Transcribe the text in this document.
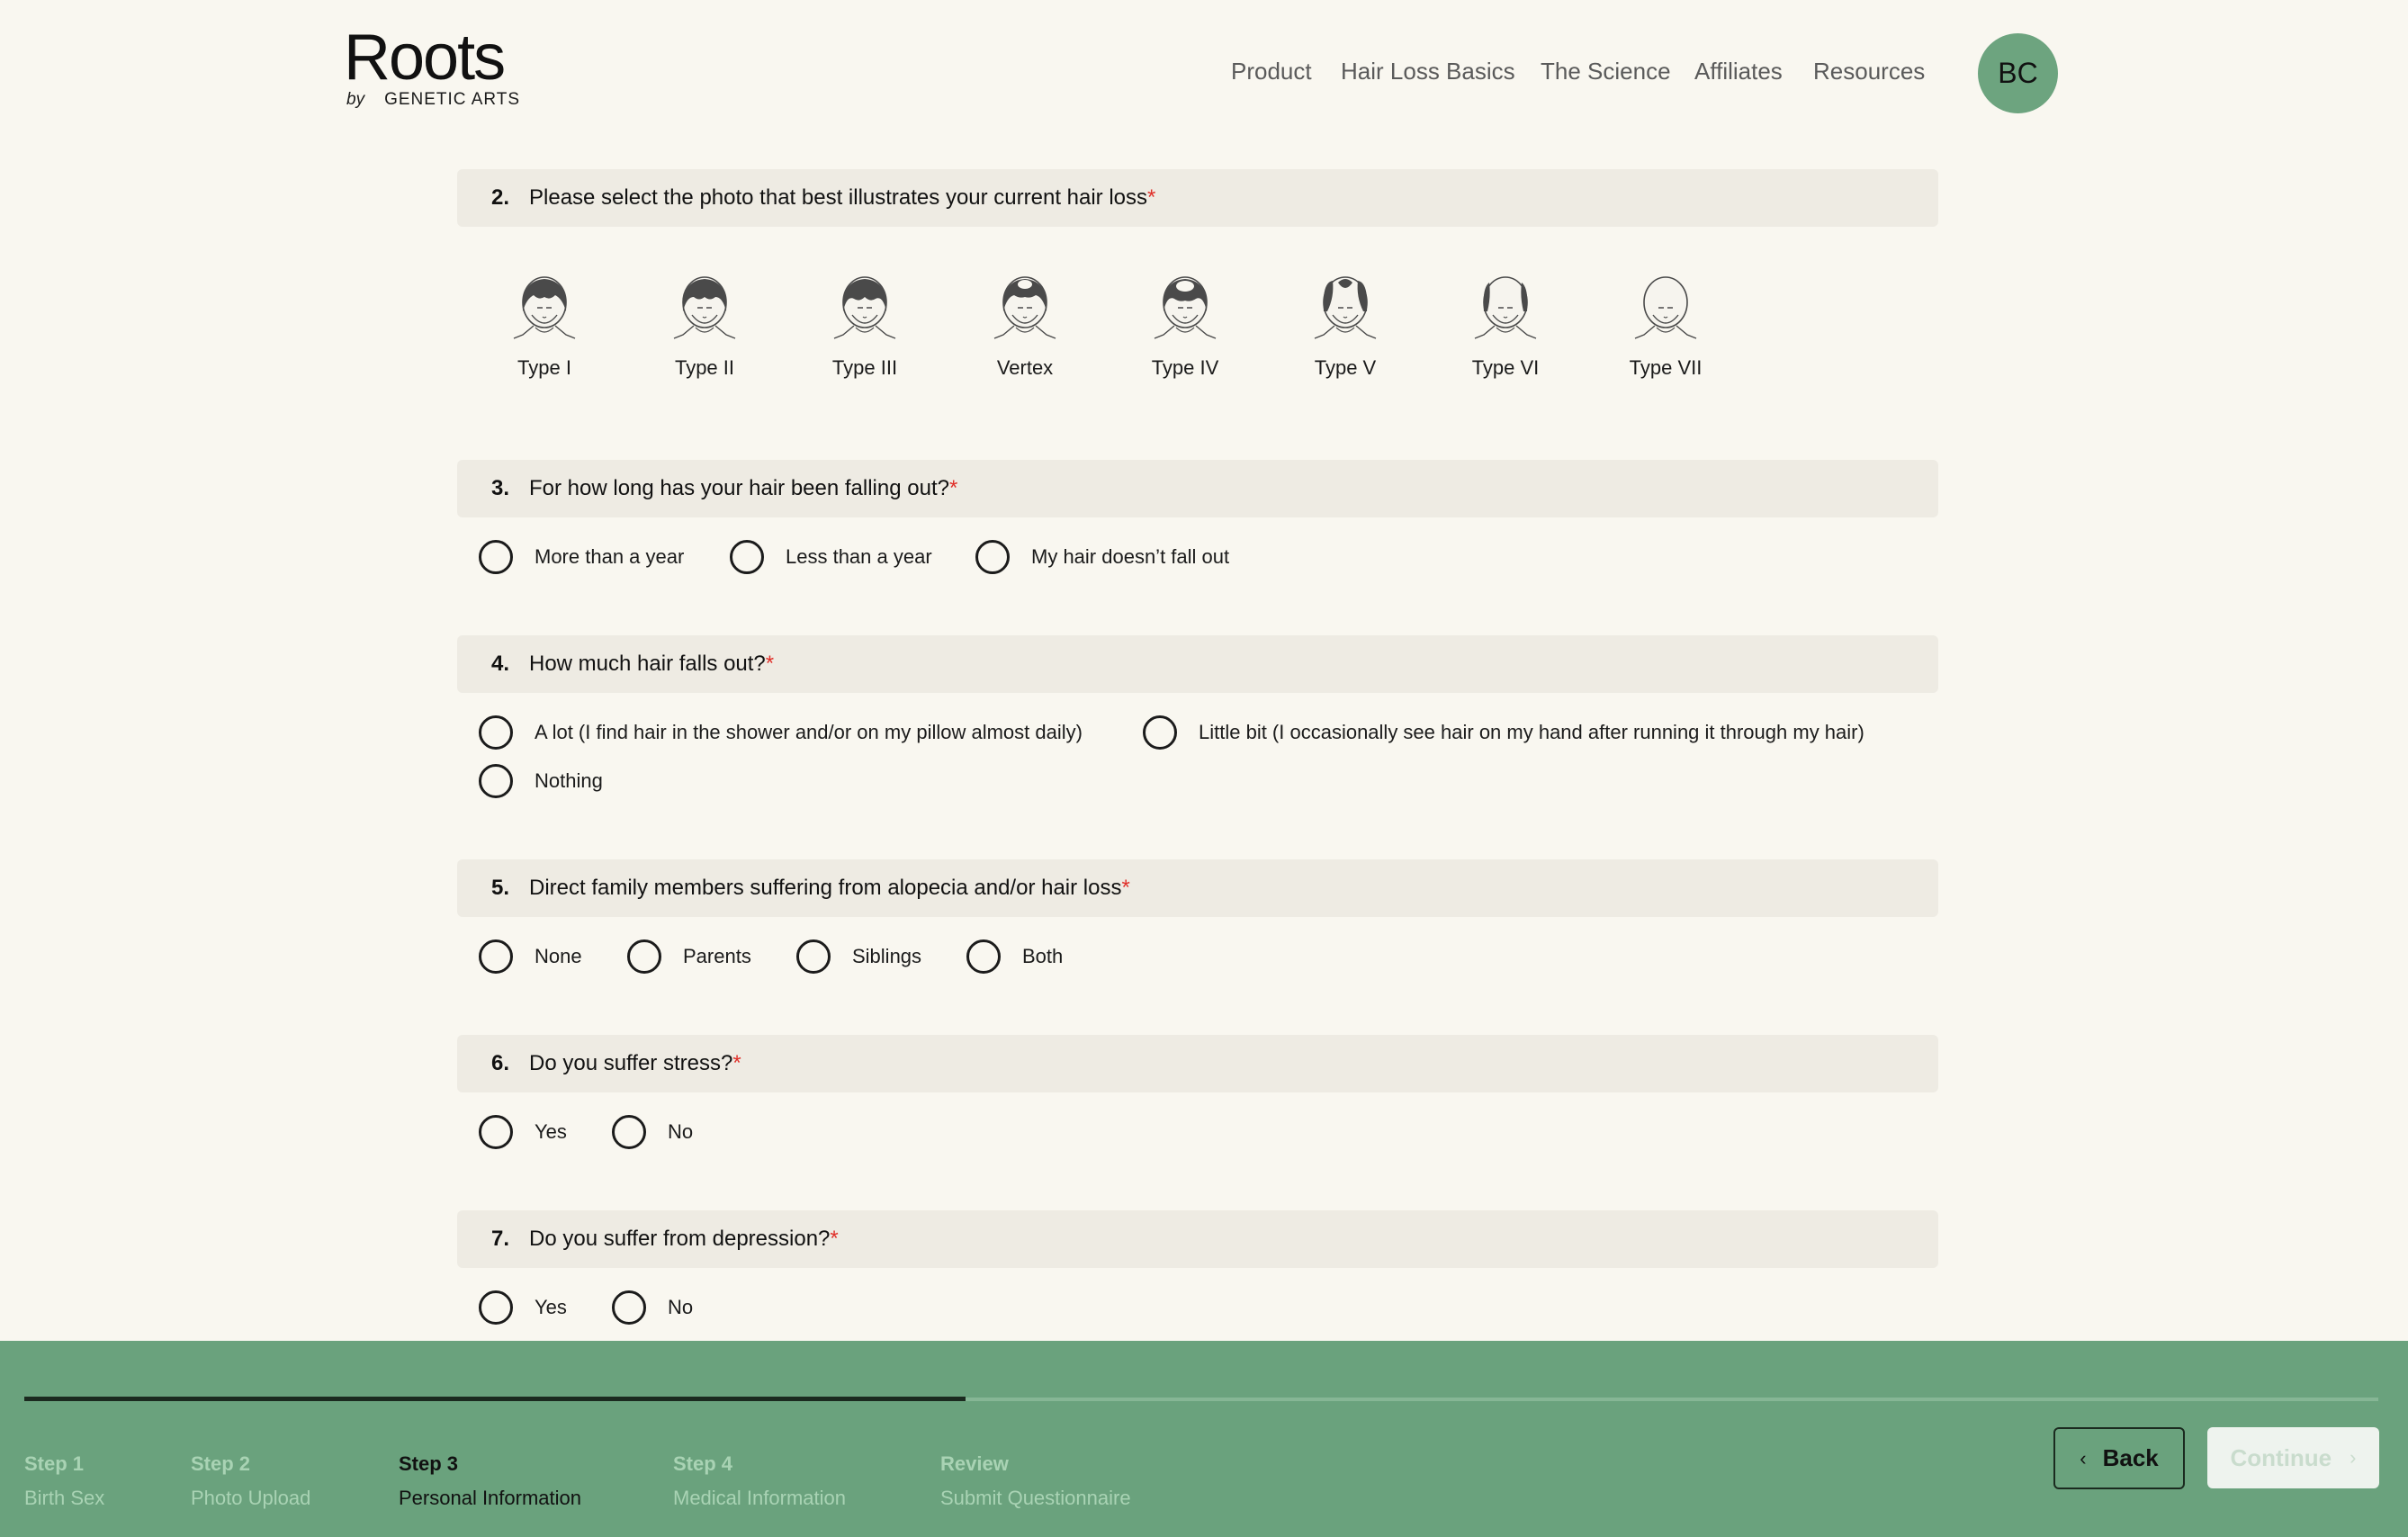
Roots
by GENETIC ARTS
Product Hair Loss Basics The Science Affiliates Resources	BC
2. Please select the photo that best illustrates your current hair loss *
Type I	Type II	Type III	Vertex	Type IV	Type V	Type VI	Type VII
3. For how long has your hair been falling out? *
More than a year	Less than a year	My hair doesn’t fall out
4. How much hair falls out? *
A lot (I find hair in the shower and/or on my pillow almost daily)	Little bit (I occasionally see hair on my hand after running it through my hair)
Nothing
5. Direct family members suffering from alopecia and/or hair loss *
None	Parents	Siblings	Both
6. Do you suffer stress? *
Yes	No
7. Do you suffer from depression? *
Yes	No
Step 1
Birth Sex
Step 2
Photo Upload
Step 3
Personal Information
Step 4
Medical Information
Review
Submit Questionnaire
‹ Back	Continue ›
